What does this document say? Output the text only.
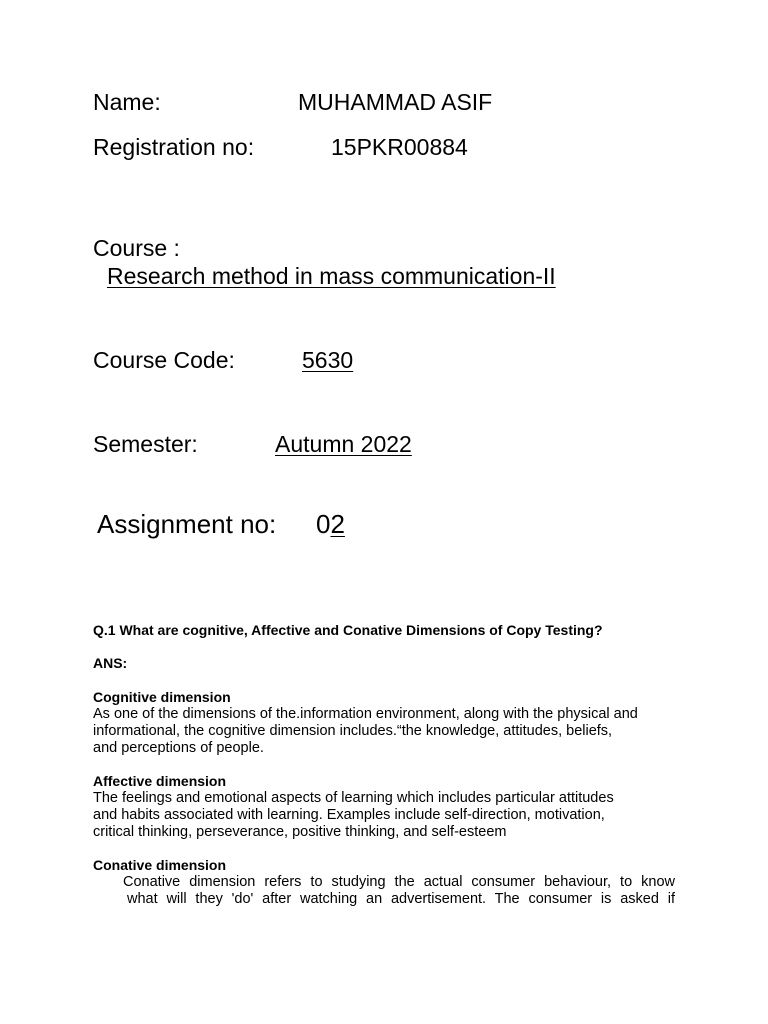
Name:	MUHAMMAD ASIF
Registration no:	15PKR00884
Course :
Research method in mass communication-II
Course Code:	5630
Semester:	Autumn 2022
Assignment no: 02
Q.1 What are cognitive, Affective and Conative Dimensions of Copy Testing?
ANS:
Cognitive dimension
As one of the dimensions of the.information environment, along with the physical and
informational, the cognitive dimension includes.“the knowledge, attitudes, beliefs,
and perceptions of people.
Affective dimension
The feelings and emotional aspects of learning which includes particular attitudes
and habits associated with learning. Examples include self-direction, motivation,
critical thinking, perseverance, positive thinking, and self-esteem
Conative dimension
Conative dimension refers to studying the actual consumer behaviour, to know
what will they 'do' after watching an advertisement. The consumer is asked if
